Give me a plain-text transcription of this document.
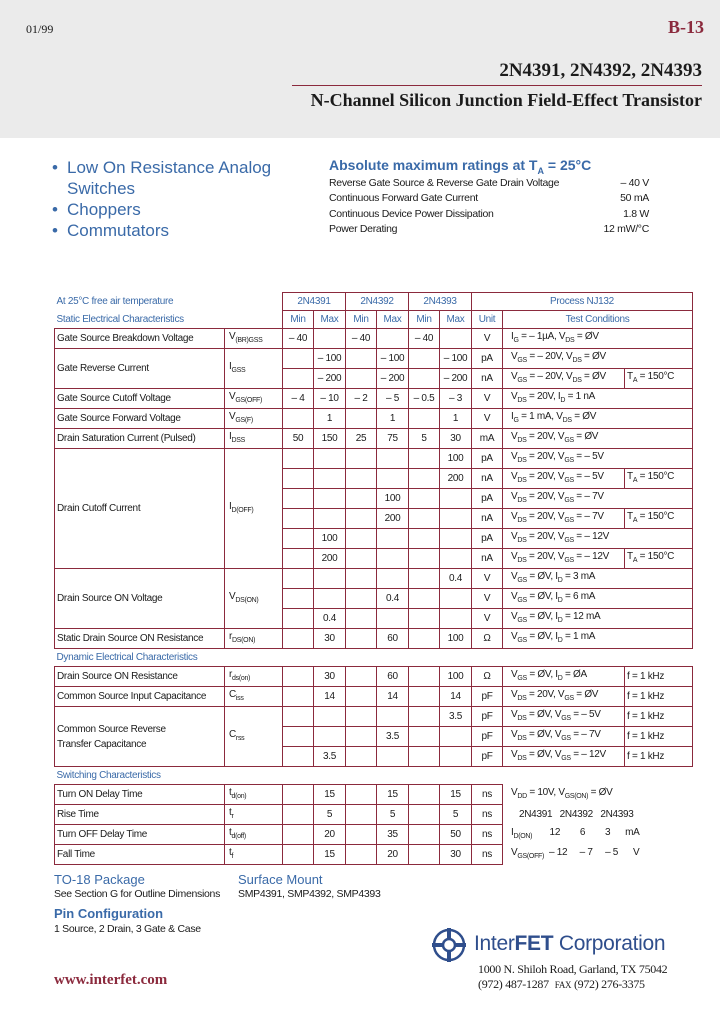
01/99	B-13
2N4391, 2N4392, 2N4393
N-Channel Silicon Junction Field-Effect Transistor
• Low On Resistance Analog Switches
• Choppers
• Commutators
Absolute maximum ratings at $T_A = 25^\circ C$
Reverse Gate Source & Reverse Gate Drain Voltage	– 40 V
Continuous Forward Gate Current	50 mA
Continuous Device Power Dissipation	1.8 W
Power Derating	12 mW/°C
At 25°C free air temperature		2N4391		2N4392		2N4393		Process NJ132		
Static Electrical Characteristics		Min	Max	Min	Max	Min	Max	Unit	Test Conditions	
Gate Source Breakdown Voltage	$V_{(BR)GSS}$	– 40		– 40		– 40		V	$I_G$ = – 1µA, $V_{DS}$ = ØV	
Gate Reverse Current	$I_{GSS}$		– 100		– 100		– 100	pA	$V_{GS}$ = – 20V, $V_{DS}$ = ØV	
			– 200		– 200		– 200	nA	$V_{GS}$ = – 20V, $V_{DS}$ = ØV	$T_A = 150^\circ C$
Gate Source Cutoff Voltage	$V_{GS(OFF)}$	– 4	– 10	– 2	– 5	– 0.5	– 3	V	$V_{DS} = 20V$, $I_D = 1$ nA	
Gate Source Forward Voltage	$V_{GS(F)}$		1		1		1	V	$I_G = 1$ mA, $V_{DS}$ = ØV	
Drain Saturation Current (Pulsed)	$I_{DSS}$	50	150	25	75	5	30	mA	$V_{DS} = 20V$, $V_{GS}$ = ØV	
Drain Cutoff Current	$I_{D(OFF)}$						100	pA	$V_{DS} = 20V$, $V_{GS}$ = – 5V	
							200	nA	$V_{DS} = 20V$, $V_{GS}$ = – 5V	$T_A = 150^\circ C$
					100			pA	$V_{DS} = 20V$, $V_{GS}$ = – 7V	
					200			nA	$V_{DS} = 20V$, $V_{GS}$ = – 7V	$T_A = 150^\circ C$
			100					pA	$V_{DS} = 20V$, $V_{GS}$ = – 12V	
			200					nA	$V_{DS} = 20V$, $V_{GS}$ = – 12V	$T_A = 150^\circ C$
Drain Source ON Voltage	$V_{DS(ON)}$						0.4	V	$V_{GS}$ = ØV, $I_D = 3$ mA	
					0.4			V	$V_{GS}$ = ØV, $I_D = 6$ mA	
			0.4					V	$V_{GS}$ = ØV, $I_D = 12$ mA	
Static Drain Source ON Resistance	$r_{DS(ON)}$		30		60		100	Ω	$V_{GS}$ = ØV, $I_D = 1$ mA	
Dynamic Electrical Characteristics										
Drain Source ON Resistance	$r_{ds(on)}$		30		60		100	Ω	$V_{GS}$ = ØV, $I_D$ = ØA	f = 1 kHz
Common Source Input Capacitance	$C_{iss}$		14		14		14	pF	$V_{DS} = 20V$, $V_{GS}$ = ØV	f = 1 kHz
Common Source Reverse
Transfer Capacitance	$C_{rss}$						3.5	pF	$V_{DS}$ = ØV, $V_{GS}$ = – 5V	f = 1 kHz
					3.5			pF	$V_{DS}$ = ØV, $V_{GS}$ = – 7V	f = 1 kHz
			3.5					pF	$V_{DS}$ = ØV, $V_{GS}$ = – 12V	f = 1 kHz
Switching Characteristics										
Turn ON Delay Time	$t_{d(on)}$		15		15		15	ns	$V_{DD} = 10V$, $V_{GS(ON)}$ = ØV	
Rise Time	$t_r$		5		5		5	ns	2N4391   2N4392   2N4393	
Turn OFF Delay Time	$t_{d(off)}$		20		35		50	ns	$I_{D(ON)}$       12        6        3      mA	
Fall Time	$t_f$		15		20		30	ns	$V_{GS(OFF)} - 12$     – 7     – 5      V	
TO-18 Package
See Section G for Outline Dimensions
Pin Configuration
1 Source, 2 Drain, 3 Gate & Case
Surface Mount
SMP4391, SMP4392, SMP4393
www.interfet.com
InterFET Corporation
1000 N. Shiloh Road, Garland, TX 75042
(972) 487-1287 FAX (972) 276-3375
